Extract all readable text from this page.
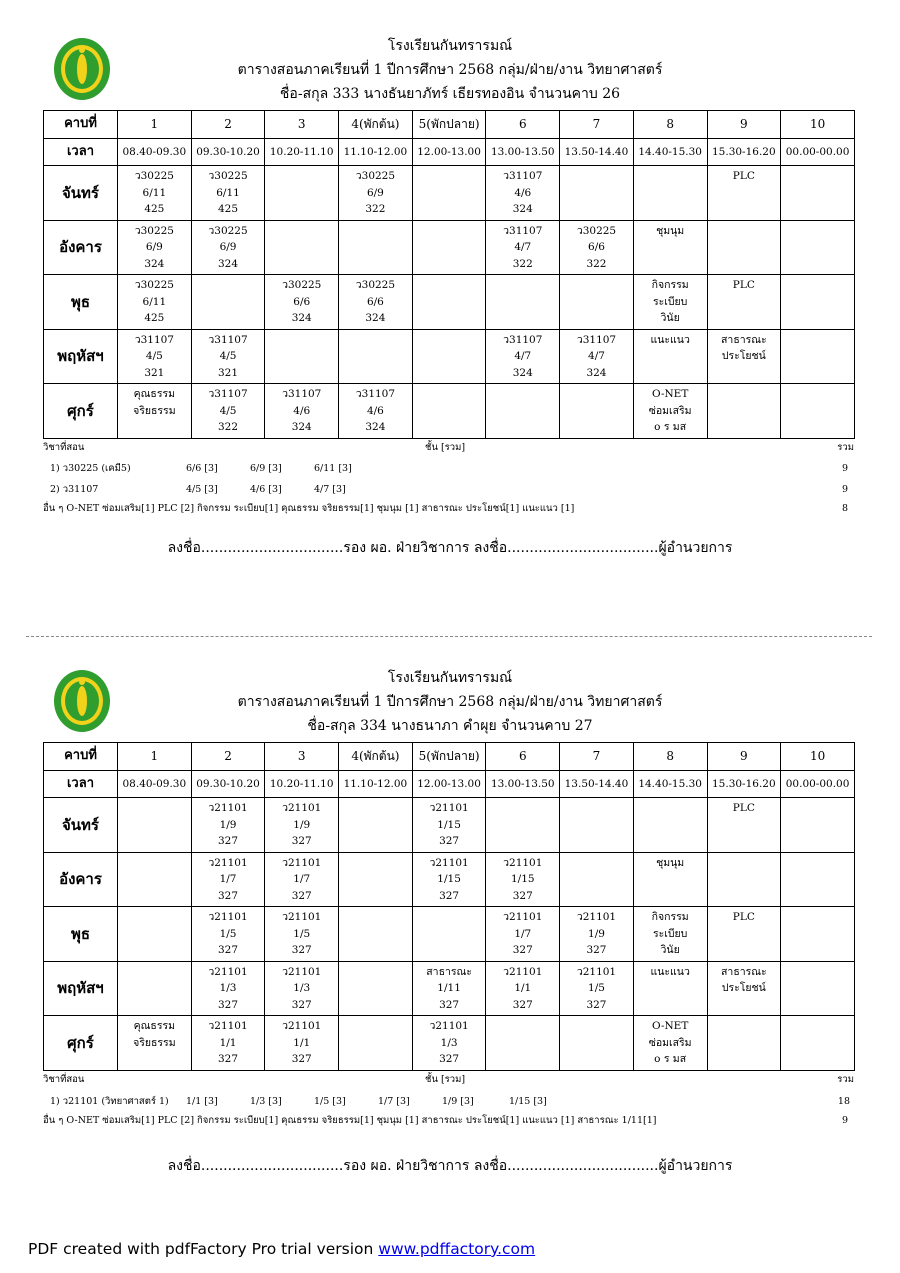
โรงเรียนกันทรารมณ์
ตารางสอนภาคเรียนที่ 1 ปีการศึกษา 2568 กลุ่ม/ฝ่าย/งาน วิทยาศาสตร์
ชื่อ-สกุล 333 นางธันยาภัทร์ เธียรทองอิน จำนวนคาบ 26
คาบที่	1	2	3	4(พักต้น)	5(พักปลาย)	6	7	8	9	10
เวลา	08.40-09.30	09.30-10.20	10.20-11.10	11.10-12.00	12.00-13.00	13.00-13.50	13.50-14.40	14.40-15.30	15.30-16.20	00.00-00.00
จันทร์	ว30225
6/11
425	ว30225
6/11
425		ว30225
6/9
322		ว31107
4/6
324			PLC	

อังคาร	ว30225
6/9
324	ว30225
6/9
324				ว31107
4/7
322	ว30225
6/6
322	ชุมนุม		

พุธ	ว30225
6/11
425		ว30225
6/6
324	ว30225
6/6
324				กิจกรรม
ระเบียบ
วินัย	PLC	

พฤหัสฯ	ว31107
4/5
321	ว31107
4/5
321				ว31107
4/7
324	ว31107
4/7
324	แนะแนว	สาธารณะ
ประโยชน์	

ศุกร์	คุณธรรม
จริยธรรม	ว31107
4/5
322	ว31107
4/6
324	ว31107
4/6
324				O-NET
ซ่อมเสริม
o ร มส		

วิชาที่สอน	ชั้น [รวม]	รวม
1) ว30225 (เคมี5)	6/6 [3]	6/9 [3]	6/11 [3]	9
2) ว31107	4/5 [3]	4/6 [3]	4/7 [3]	9
อื่น ๆ O-NET ซ่อมเสริม[1] PLC [2] กิจกรรม ระเบียบ[1] คุณธรรม จริยธรรม[1] ชุมนุม [1] สาธารณะ ประโยชน์[1] แนะแนว [1]	8
ลงชื่อ................................รอง ผอ. ฝ่ายวิชาการ ลงชื่อ..................................ผู้อำนวยการ
โรงเรียนกันทรารมณ์
ตารางสอนภาคเรียนที่ 1 ปีการศึกษา 2568 กลุ่ม/ฝ่าย/งาน วิทยาศาสตร์
ชื่อ-สกุล 334 นางธนาภา คำผุย จำนวนคาบ 27
คาบที่	1	2	3	4(พักต้น)	5(พักปลาย)	6	7	8	9	10
เวลา	08.40-09.30	09.30-10.20	10.20-11.10	11.10-12.00	12.00-13.00	13.00-13.50	13.50-14.40	14.40-15.30	15.30-16.20	00.00-00.00
จันทร์		ว21101
1/9
327	ว21101
1/9
327		ว21101
1/15
327				PLC	

อังคาร		ว21101
1/7
327	ว21101
1/7
327		ว21101
1/15
327	ว21101
1/15
327		ชุมนุม		

พุธ		ว21101
1/5
327	ว21101
1/5
327			ว21101
1/7
327	ว21101
1/9
327	กิจกรรม
ระเบียบ
วินัย	PLC	

พฤหัสฯ		ว21101
1/3
327	ว21101
1/3
327		สาธารณะ
1/11
327	ว21101
1/1
327	ว21101
1/5
327	แนะแนว	สาธารณะ
ประโยชน์	

ศุกร์	คุณธรรม
จริยธรรม	ว21101
1/1
327	ว21101
1/1
327		ว21101
1/3
327			O-NET
ซ่อมเสริม
o ร มส		

วิชาที่สอน	ชั้น [รวม]	รวม
1) ว21101 (วิทยาศาสตร์ 1) 1/1 [3]	1/3 [3]	1/5 [3]	1/7 [3]	1/9 [3]	1/15 [3]	18
อื่น ๆ O-NET ซ่อมเสริม[1] PLC [2] กิจกรรม ระเบียบ[1] คุณธรรม จริยธรรม[1] ชุมนุม [1] สาธารณะ ประโยชน์[1] แนะแนว [1] สาธารณะ 1/11[1]	9
ลงชื่อ................................รอง ผอ. ฝ่ายวิชาการ ลงชื่อ..................................ผู้อำนวยการ
PDF created with pdfFactory Pro trial version www.pdffactory.com
